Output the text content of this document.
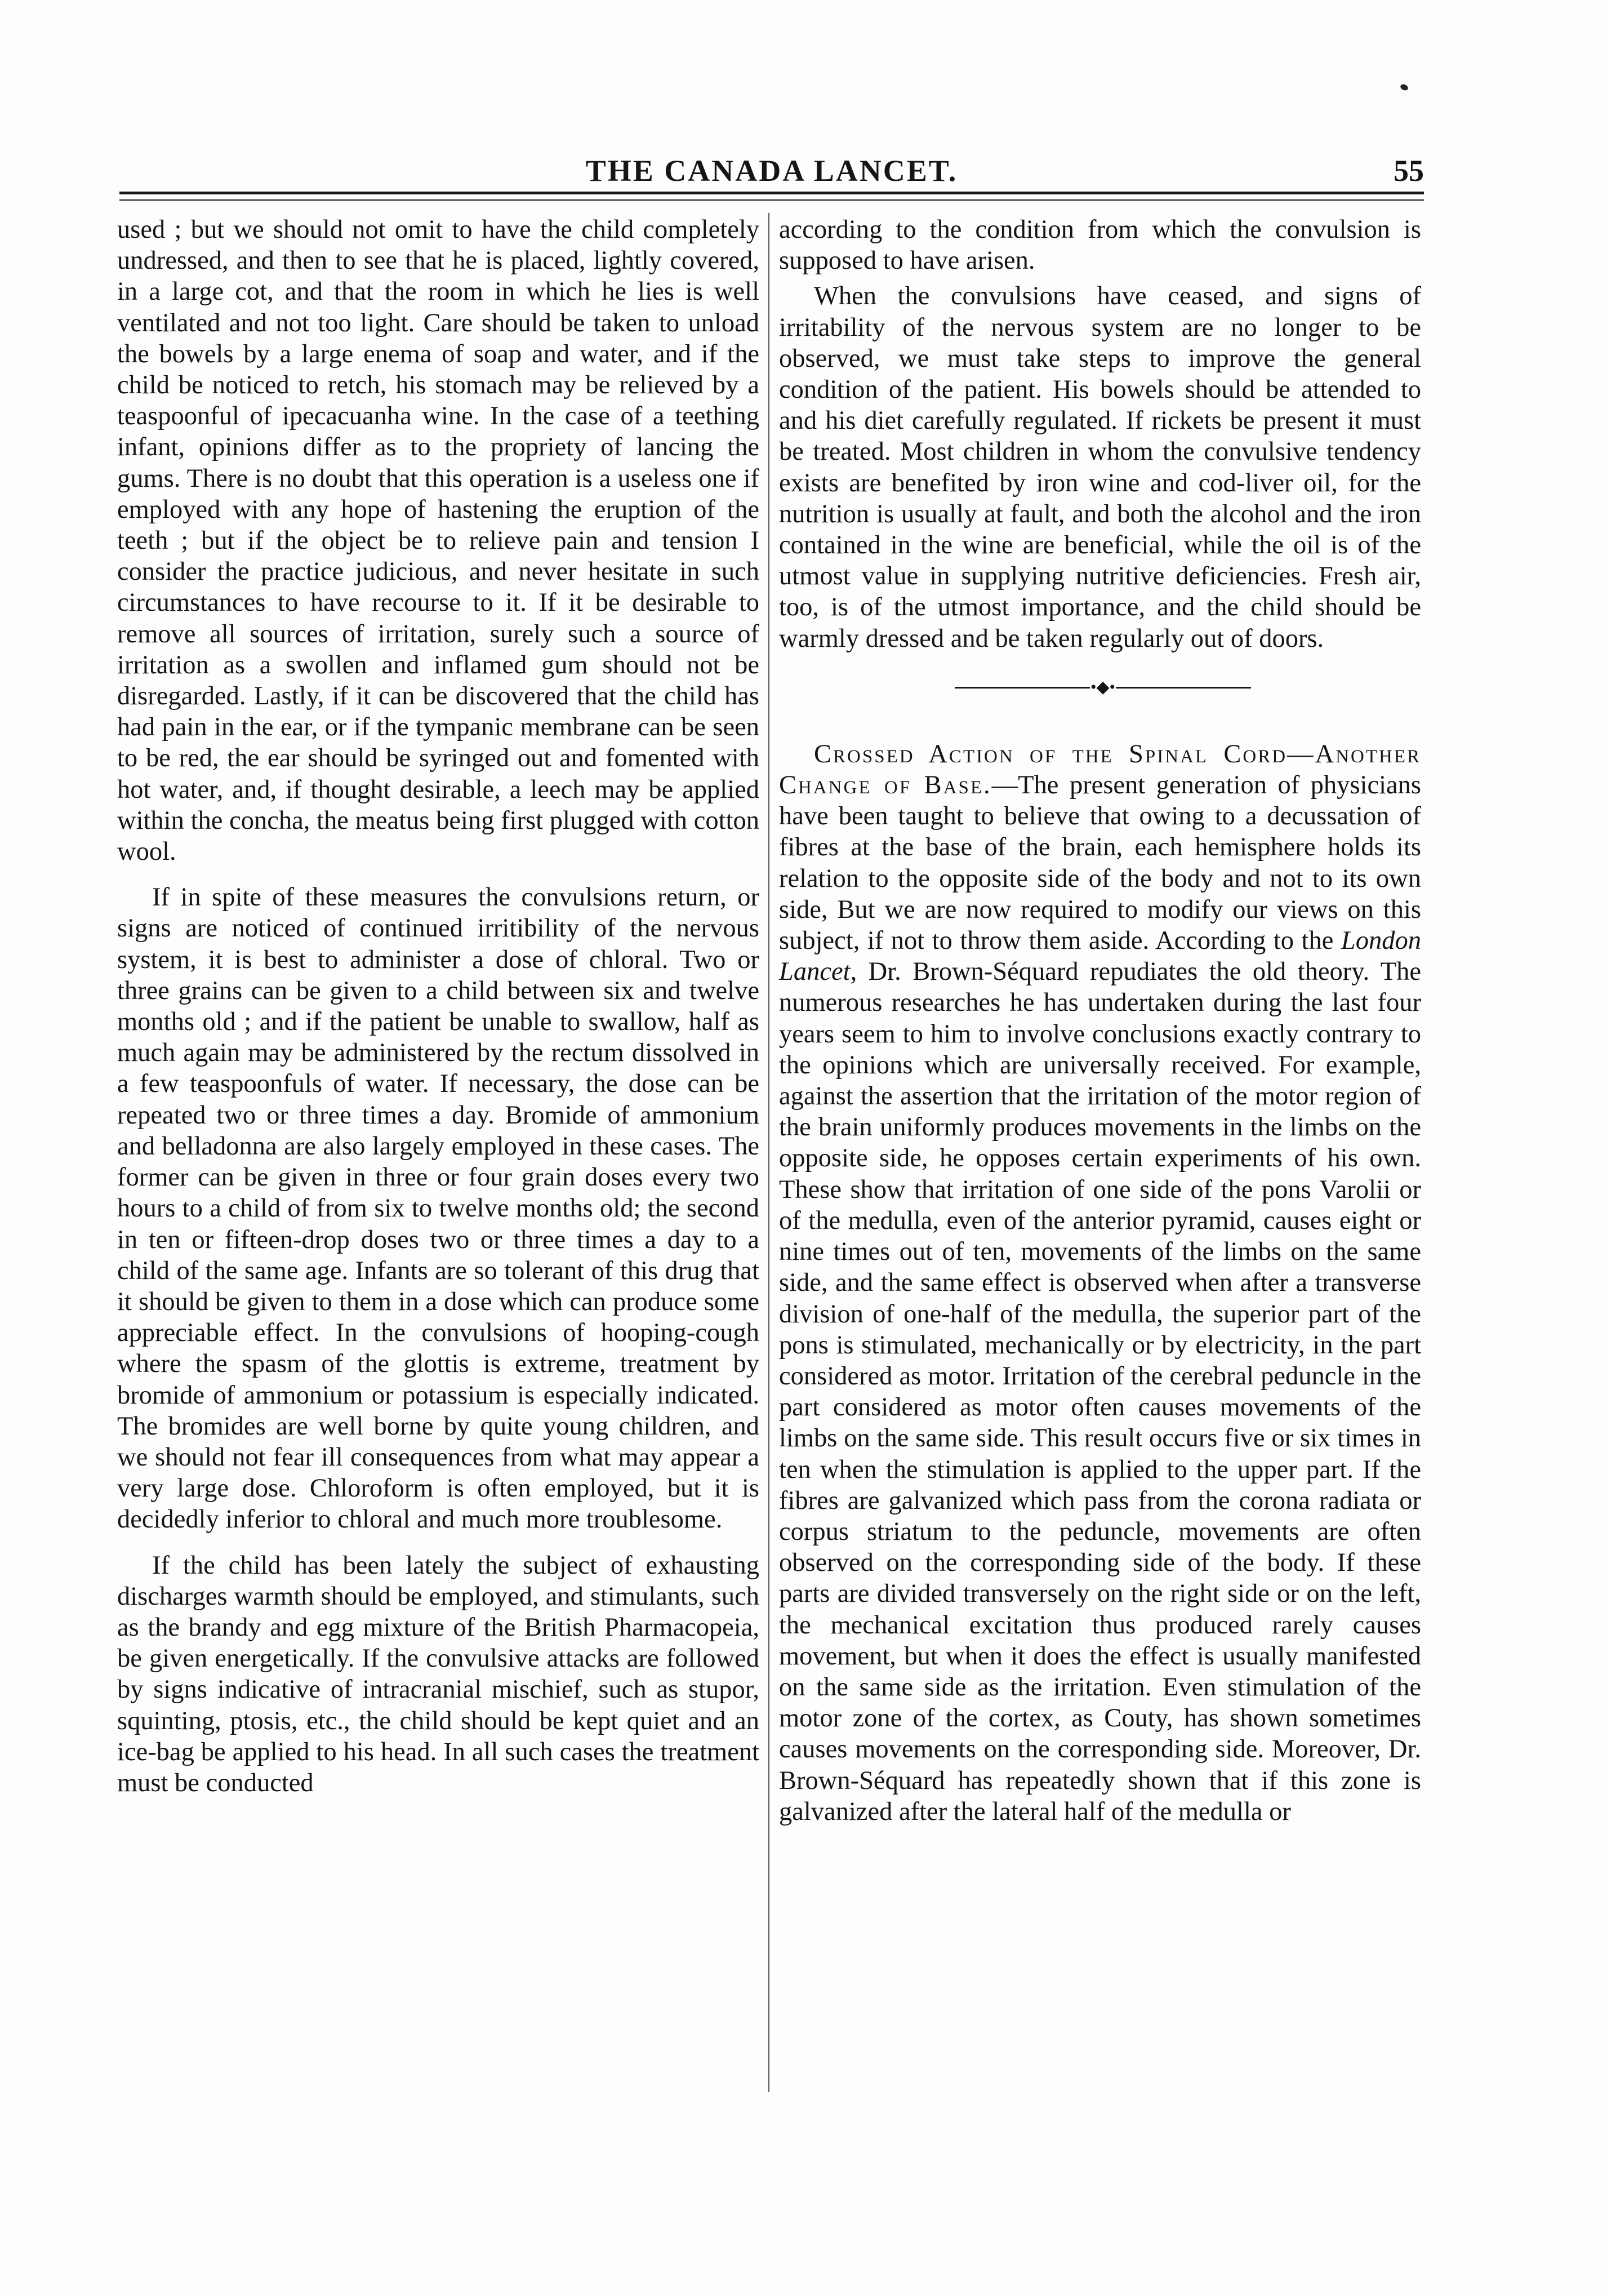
THE CANADA LANCET.	55

used ; but we should not omit to have the child completely undressed, and then to see that he is placed, lightly covered, in a large cot, and that the room in which he lies is well ventilated and not too light. Care should be taken to unload the bowels by a large enema of soap and water, and if the child be noticed to retch, his stomach may be relieved by a teaspoonful of ipecacuanha wine. In the case of a teething infant, opinions differ as to the propriety of lancing the gums. There is no doubt that this operation is a useless one if employed with any hope of hastening the eruption of the teeth ; but if the object be to relieve pain and tension I consider the practice judicious, and never hesitate in such circumstances to have recourse to it. If it be desirable to remove all sources of irritation, surely such a source of irritation as a swollen and inflamed gum should not be disregarded. Lastly, if it can be discovered that the child has had pain in the ear, or if the tympanic membrane can be seen to be red, the ear should be syringed out and fomented with hot water, and, if thought desirable, a leech may be applied within the concha, the meatus being first plugged with cotton wool.

If in spite of these measures the convulsions return, or signs are noticed of continued irritibility of the nervous system, it is best to administer a dose of chloral. Two or three grains can be given to a child between six and twelve months old ; and if the patient be unable to swallow, half as much again may be administered by the rectum dissolved in a few teaspoonfuls of water. If necessary, the dose can be repeated two or three times a day. Bromide of ammonium and belladonna are also largely employed in these cases. The former can be given in three or four grain doses every two hours to a child of from six to twelve months old; the second in ten or fifteen-drop doses two or three times a day to a child of the same age. Infants are so tolerant of this drug that it should be given to them in a dose which can produce some appreciable effect. In the convulsions of hooping-cough where the spasm of the glottis is extreme, treatment by bromide of ammonium or potassium is especially indicated. The bromides are well borne by quite young children, and we should not fear ill consequences from what may appear a very large dose. Chloroform is often employed, but it is decidedly inferior to chloral and much more troublesome.

If the child has been lately the subject of exhausting discharges warmth should be employed, and stimulants, such as the brandy and egg mixture of the British Pharmacopeia, be given energetically. If the convulsive attacks are followed by signs indicative of intracranial mischief, such as stupor, squinting, ptosis, etc., the child should be kept quiet and an ice-bag be applied to his head. In all such cases the treatment must be conducted

according to the condition from which the convulsion is supposed to have arisen.

When the convulsions have ceased, and signs of irritability of the nervous system are no longer to be observed, we must take steps to improve the general condition of the patient. His bowels should be attended to and his diet carefully regulated. If rickets be present it must be treated. Most children in whom the convulsive tendency exists are benefited by iron wine and cod-liver oil, for the nutrition is usually at fault, and both the alcohol and the iron contained in the wine are beneficial, while the oil is of the utmost value in supplying nutritive deficiencies. Fresh air, too, is of the utmost importance, and the child should be warmly dressed and be taken regularly out of doors.

•◆•

Crossed Action of the Spinal Cord—Another Change of Base.—The present generation of physicians have been taught to believe that owing to a decussation of fibres at the base of the brain, each hemisphere holds its relation to the opposite side of the body and not to its own side, But we are now required to modify our views on this subject, if not to throw them aside. According to the London Lancet, Dr. Brown-Séquard repudiates the old theory. The numerous researches he has undertaken during the last four years seem to him to involve conclusions exactly contrary to the opinions which are universally received. For example, against the assertion that the irritation of the motor region of the brain uniformly produces movements in the limbs on the opposite side, he opposes certain experiments of his own. These show that irritation of one side of the pons Varolii or of the medulla, even of the anterior pyramid, causes eight or nine times out of ten, movements of the limbs on the same side, and the same effect is observed when after a transverse division of one-half of the medulla, the superior part of the pons is stimulated, mechanically or by electricity, in the part considered as motor. Irritation of the cerebral peduncle in the part considered as motor often causes movements of the limbs on the same side. This result occurs five or six times in ten when the stimulation is applied to the upper part. If the fibres are galvanized which pass from the corona radiata or corpus striatum to the peduncle, movements are often observed on the corresponding side of the body. If these parts are divided transversely on the right side or on the left, the mechanical excitation thus produced rarely causes movement, but when it does the effect is usually manifested on the same side as the irritation. Even stimulation of the motor zone of the cortex, as Couty, has shown sometimes causes movements on the corresponding side. Moreover, Dr. Brown-Séquard has repeatedly shown that if this zone is galvanized after the lateral half of the medulla or
